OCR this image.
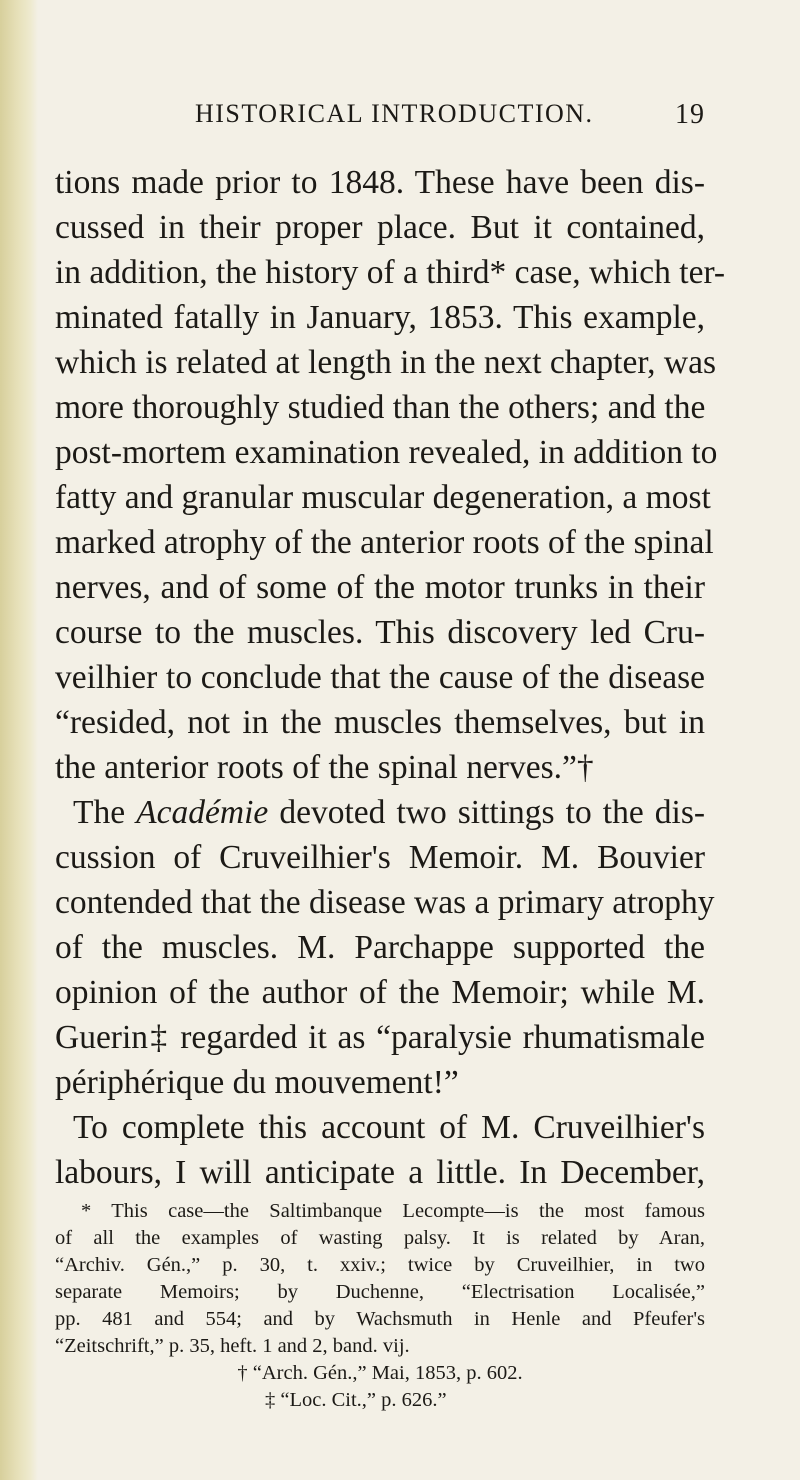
HISTORICAL INTRODUCTION.	19
tions made prior to 1848. These have been dis-
cussed in their proper place. But it contained,
in addition, the history of a third* case, which ter-
minated fatally in January, 1853. This example,
which is related at length in the next chapter, was
more thoroughly studied than the others; and the
post-mortem examination revealed, in addition to
fatty and granular muscular degeneration, a most
marked atrophy of the anterior roots of the spinal
nerves, and of some of the motor trunks in their
course to the muscles. This discovery led Cru-
veilhier to conclude that the cause of the disease
“resided, not in the muscles themselves, but in
the anterior roots of the spinal nerves.”†
The Académie devoted two sittings to the dis-
cussion of Cruveilhier's Memoir. M. Bouvier
contended that the disease was a primary atrophy
of the muscles. M. Parchappe supported the
opinion of the author of the Memoir; while M.
Guerin‡ regarded it as “paralysie rhumatismale
périphérique du mouvement!”
To complete this account of M. Cruveilhier's
labours, I will anticipate a little. In December,
* This case—the Saltimbanque Lecompte—is the most famous
of all the examples of wasting palsy. It is related by Aran,
“Archiv. Gén.,” p. 30, t. xxiv.; twice by Cruveilhier, in two
separate Memoirs; by Duchenne, “Electrisation Localisée,”
pp. 481 and 554; and by Wachsmuth in Henle and Pfeufer's
“Zeitschrift,” p. 35, heft. 1 and 2, band. vij.
† “Arch. Gén.,” Mai, 1853, p. 602.
‡ “Loc. Cit.,” p. 626.”
